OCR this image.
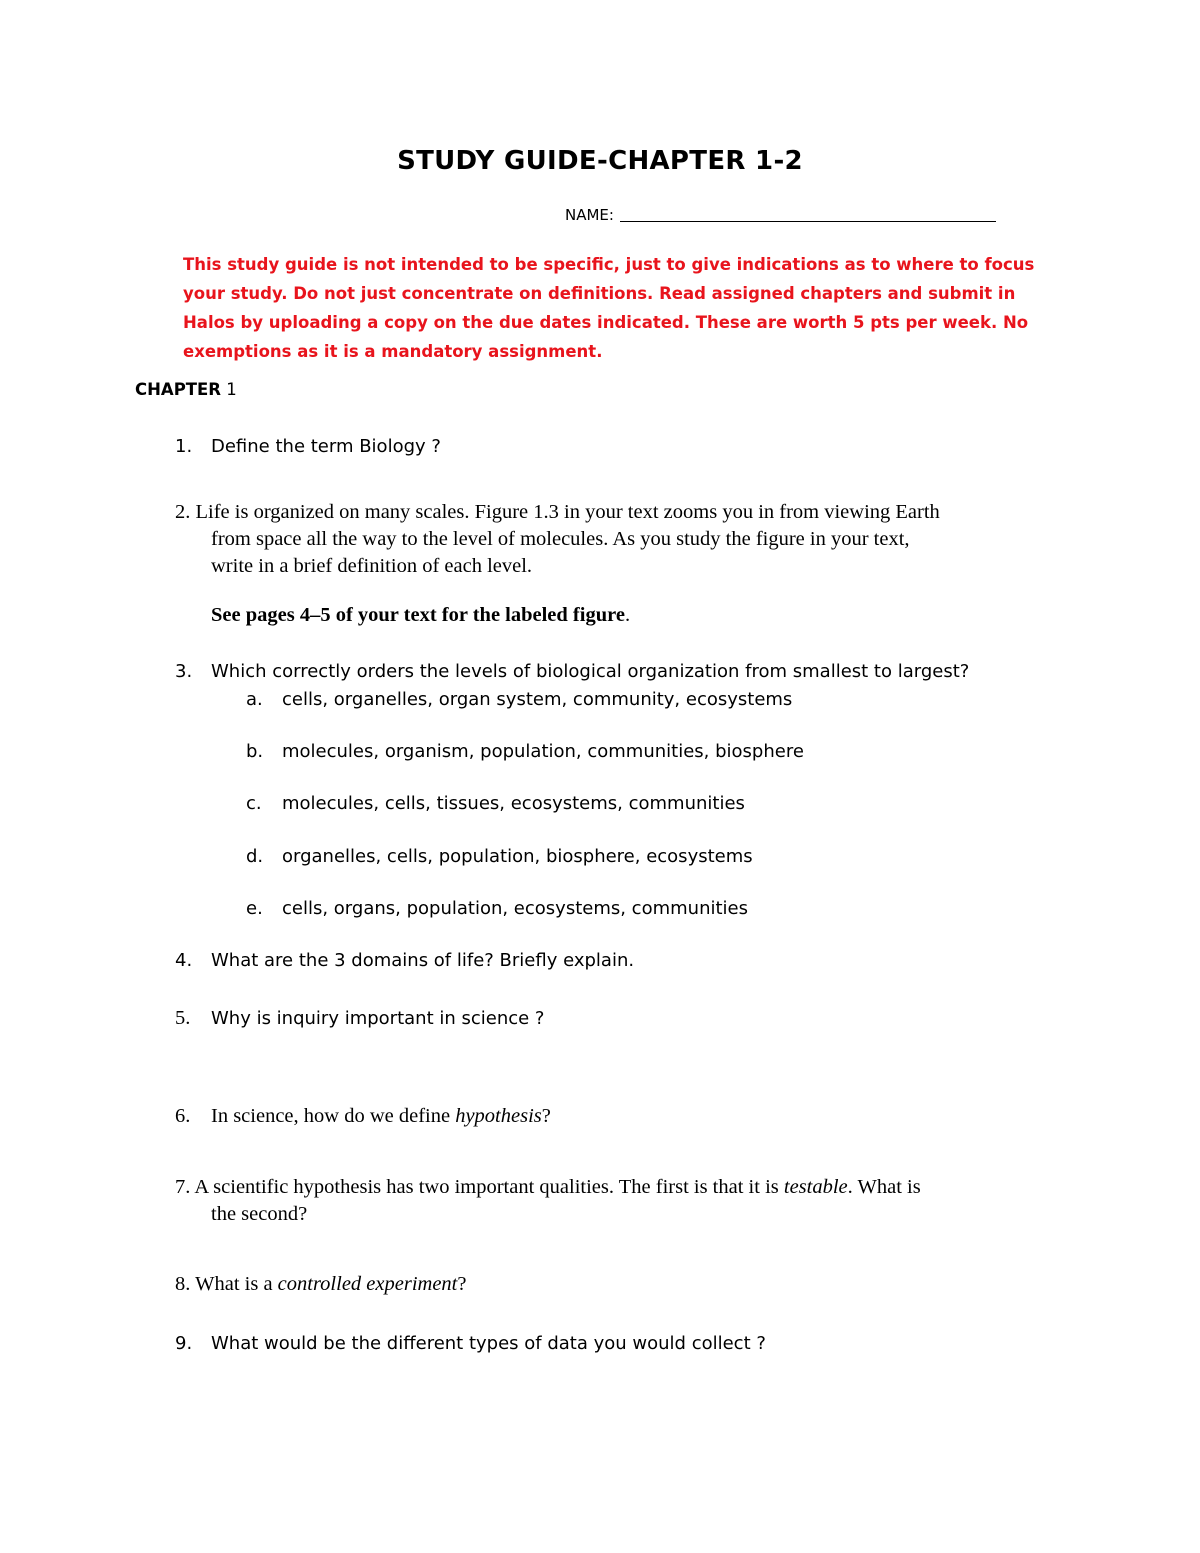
STUDY GUIDE-CHAPTER 1-2
NAME:
This study guide is not intended to be specific, just to give indications as to where to focus your study. Do not just concentrate on definitions. Read assigned chapters and submit in Halos by uploading a copy on the due dates indicated. These are worth 5 pts per week. No exemptions as it is a mandatory assignment.
CHAPTER 1
1. Define the term Biology ?
2. Life is organized on many scales. Figure 1.3 in your text zooms you in from viewing Earth
from space all the way to the level of molecules. As you study the figure in your text,
write in a brief definition of each level.
See pages 4–5 of your text for the labeled figure.
3. Which correctly orders the levels of biological organization from smallest to largest?
a. cells, organelles, organ system, community, ecosystems
b. molecules, organism, population, communities, biosphere
c. molecules, cells, tissues, ecosystems, communities
d. organelles, cells, population, biosphere, ecosystems
e. cells, organs, population, ecosystems, communities
4. What are the 3 domains of life? Briefly explain.
5. Why is inquiry important in science ?
6. In science, how do we define hypothesis?
7. A scientific hypothesis has two important qualities. The first is that it is testable. What is
the second?
8. What is a controlled experiment?
9. What would be the different types of data you would collect ?
